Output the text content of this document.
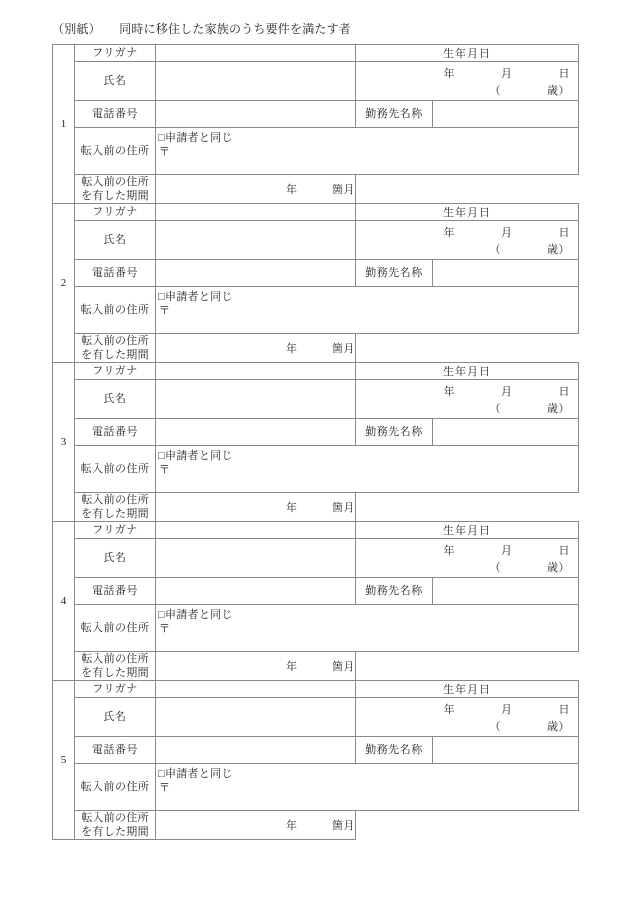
（別紙）　　同時に移住した家族のうち要件を満たす者
1	フリガナ		生年月日	
	氏名		年　　　　月　　　　日
（　　　　歳）	

	電話番号		勤務先名称	
	転入前の住所	□申請者と同じ
〒		

	転入前の住所
を有した期間	年　　　箇月		
2	フリガナ		生年月日	
	氏名		年　　　　月　　　　日
（　　　　歳）	

	電話番号		勤務先名称	
	転入前の住所	□申請者と同じ
〒		

	転入前の住所
を有した期間	年　　　箇月		
3	フリガナ		生年月日	
	氏名		年　　　　月　　　　日
（　　　　歳）	

	電話番号		勤務先名称	
	転入前の住所	□申請者と同じ
〒		

	転入前の住所
を有した期間	年　　　箇月		
4	フリガナ		生年月日	
	氏名		年　　　　月　　　　日
（　　　　歳）	

	電話番号		勤務先名称	
	転入前の住所	□申請者と同じ
〒		

	転入前の住所
を有した期間	年　　　箇月		
5	フリガナ		生年月日	
	氏名		年　　　　月　　　　日
（　　　　歳）	

	電話番号		勤務先名称	
	転入前の住所	□申請者と同じ
〒		

	転入前の住所
を有した期間	年　　　箇月		
